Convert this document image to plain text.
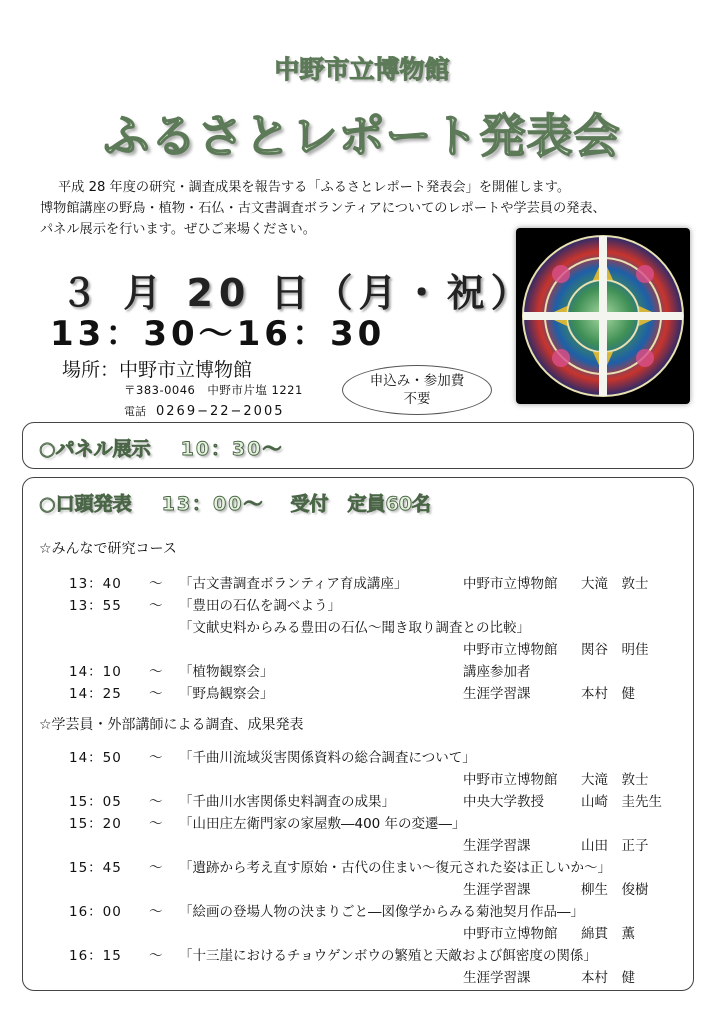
中野市立博物館
ふるさとレポート発表会
平成 28 年度の研究・調査成果を報告する「ふるさとレポート発表会」を開催します。
博物館講座の野鳥・植物・石仏・古文書調査ボランティアについてのレポートや学芸員の発表、
パネル展示を行います。ぜひご来場ください。
３ 月 20 日（月・祝）
13：30～16：30
場所：中野市立博物館
〒383-0046　中野市片塩 1221
電話 0269−22−2005
申込み・参加費
不要
○パネル展示 10：30～
○口頭発表 13：00～ 受付　定員60名
☆みんなで研究コース
13：40 ～ 「古文書調査ボランティア育成講座」	中野市立博物館 大滝　敦士
13：55 ～ 「豊田の石仏を調べよう」
「文献史料からみる豊田の石仏～聞き取り調査との比較」
中野市立博物館 関谷　明佳
14：10 ～ 「植物観察会」	講座参加者
14：25 ～ 「野鳥観察会」	生涯学習課	本村　健
☆学芸員・外部講師による調査、成果発表
14：50 ～ 「千曲川流域災害関係資料の総合調査について」
中野市立博物館 大滝　敦士
15：05 ～ 「千曲川水害関係史料調査の成果」	中央大学教授	山崎　圭先生
15：20 ～ 「山田庄左衛門家の家屋敷―400 年の変遷―」
生涯学習課	山田　正子
15：45 ～ 「遺跡から考え直す原始・古代の住まい～復元された姿は正しいか～」
生涯学習課	柳生　俊樹
16：00 ～ 「絵画の登場人物の決まりごと―図像学からみる菊池契月作品―」
中野市立博物館 綿貫　薫
16：15 ～ 「十三崖におけるチョウゲンボウの繁殖と天敵および餌密度の関係」
生涯学習課	本村　健
